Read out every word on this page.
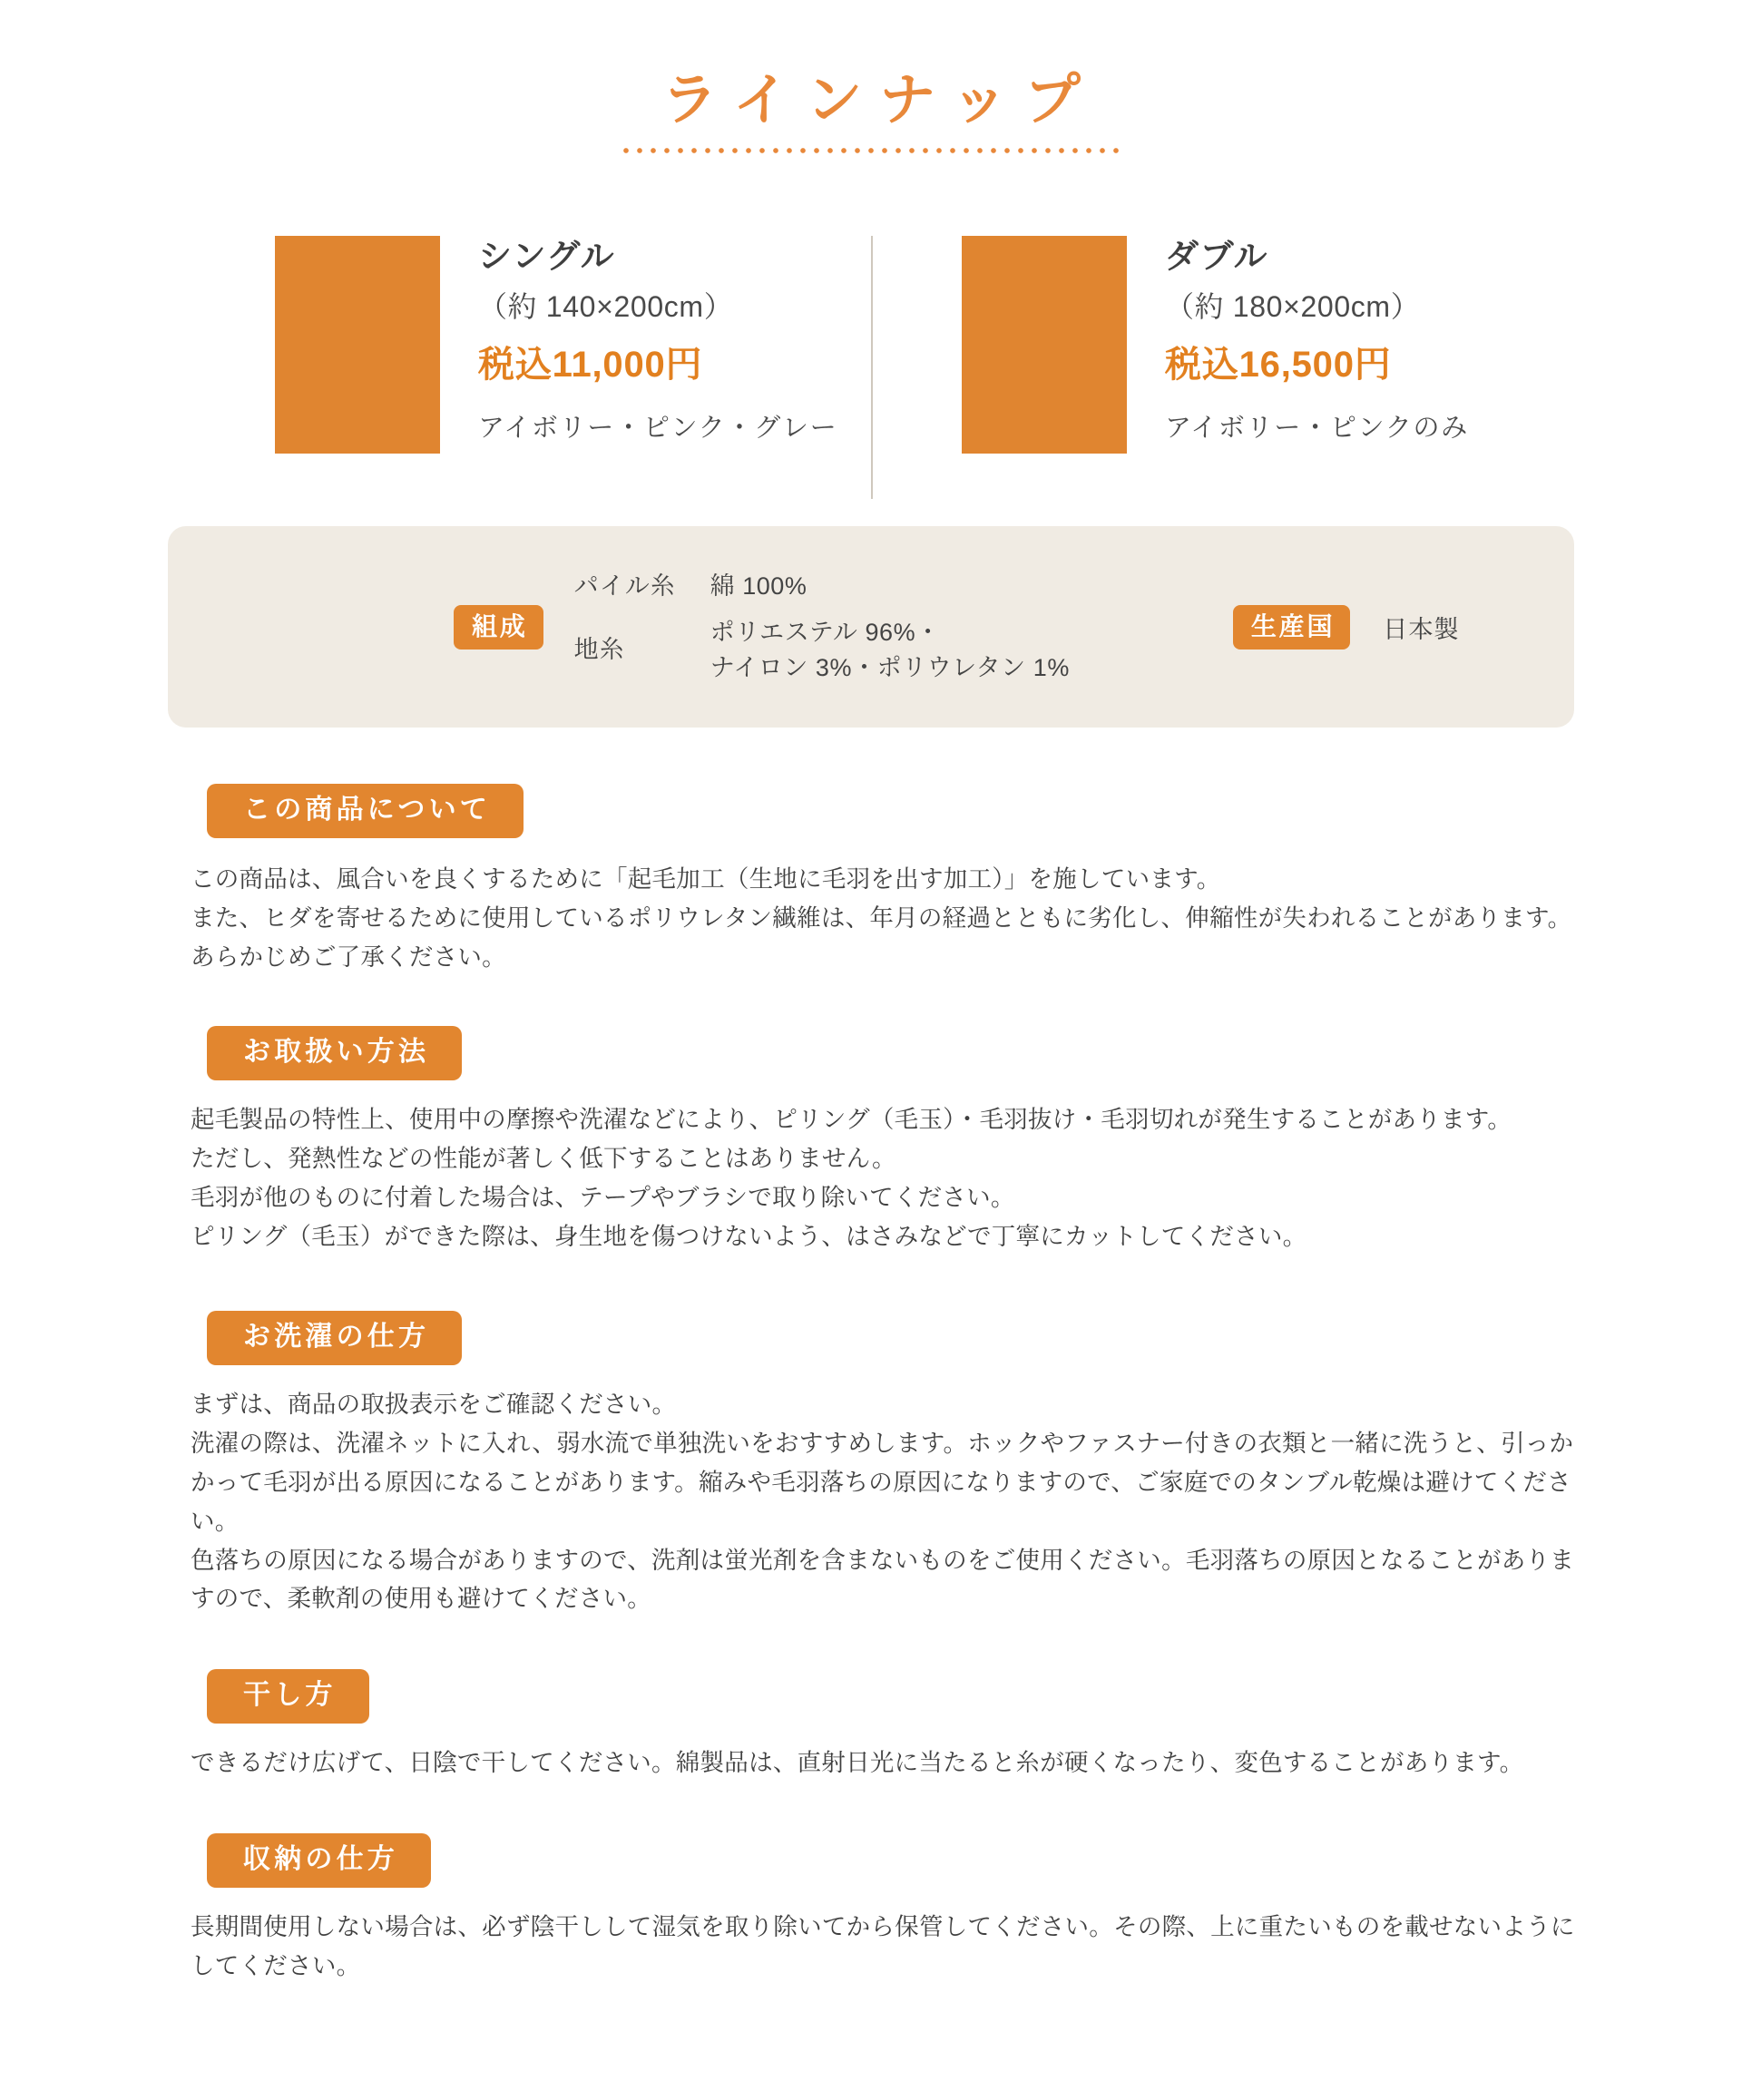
ラインナップ
シングル
（約 140×200cm）
税込11,000円
アイボリー・ピンク・グレー
ダブル
（約 180×200cm）
税込16,500円
アイボリー・ピンクのみ
組成
パイル糸	綿 100%
地糸
ポリエステル 96%・
ナイロン 3%・ポリウレタン 1%
生産国	日本製
この商品について

この商品は、風合いを良くするために「起毛加工（生地に毛羽を出す加工）」を施しています。

また、ヒダを寄せるために使用しているポリウレタン繊維は、年月の経過とともに劣化し、伸縮性が失われることがあります。あらかじめご了承ください。

お取扱い方法

起毛製品の特性上、使用中の摩擦や洗濯などにより、ピリング（毛玉）・毛羽抜け・毛羽切れが発生することがあります。

ただし、発熱性などの性能が著しく低下することはありません。

毛羽が他のものに付着した場合は、テープやブラシで取り除いてください。

ピリング（毛玉）ができた際は、身生地を傷つけないよう、はさみなどで丁寧にカットしてください。

お洗濯の仕方

まずは、商品の取扱表示をご確認ください。

洗濯の際は、洗濯ネットに入れ、弱水流で単独洗いをおすすめします。ホックやファスナー付きの衣類と一緒に洗うと、引っかかって毛羽が出る原因になることがあります。縮みや毛羽落ちの原因になりますので、ご家庭でのタンブル乾燥は避けてください。

色落ちの原因になる場合がありますので、洗剤は蛍光剤を含まないものをご使用ください。毛羽落ちの原因となることがありますので、柔軟剤の使用も避けてください。

干し方

できるだけ広げて、日陰で干してください。綿製品は、直射日光に当たると糸が硬くなったり、変色することがあります。

収納の仕方

長期間使用しない場合は、必ず陰干しして湿気を取り除いてから保管してください。その際、上に重たいものを載せないようにしてください。
